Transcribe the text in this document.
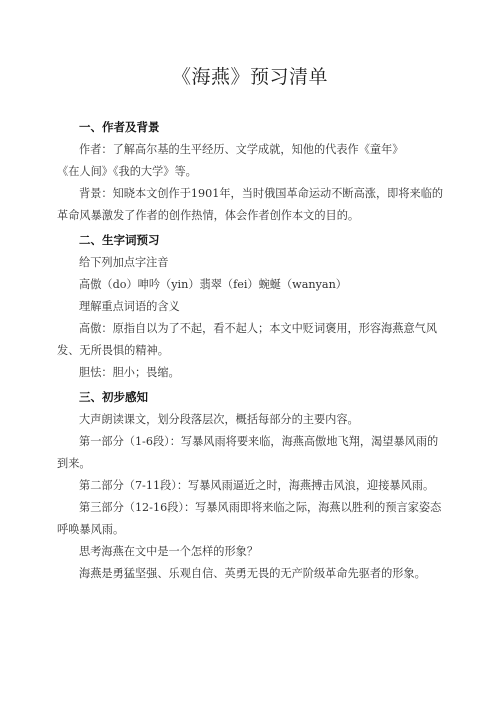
《海燕》预习清单

一、作者及背景

作者：了解高尔基的生平经历、文学成就，知他的代表作《童年》

《在人间》《我的大学》等。

背景：知晓本文创作于1901年，当时俄国革命运动不断高涨，即将来临的

革命风暴激发了作者的创作热情，体会作者创作本文的目的。

二、生字词预习

给下列加点字注音

高傲（do）呻吟（yin）翡翠（fei）蜿蜒（wanyan）

理解重点词语的含义

高傲：原指自以为了不起，看不起人；本文中贬词褒用，形容海燕意气风

发、无所畏惧的精神。

胆怯：胆小；畏缩。

三、初步感知

大声朗读课文，划分段落层次，概括每部分的主要内容。

第一部分（1-6段）：写暴风雨将要来临，海燕高傲地飞翔，渴望暴风雨的

到来。

第二部分（7-11段）：写暴风雨逼近之时，海燕搏击风浪，迎接暴风雨。

第三部分（12-16段）：写暴风雨即将来临之际，海燕以胜利的预言家姿态

呼唤暴风雨。

思考海燕在文中是一个怎样的形象？

海燕是勇猛坚强、乐观自信、英勇无畏的无产阶级革命先驱者的形象。
